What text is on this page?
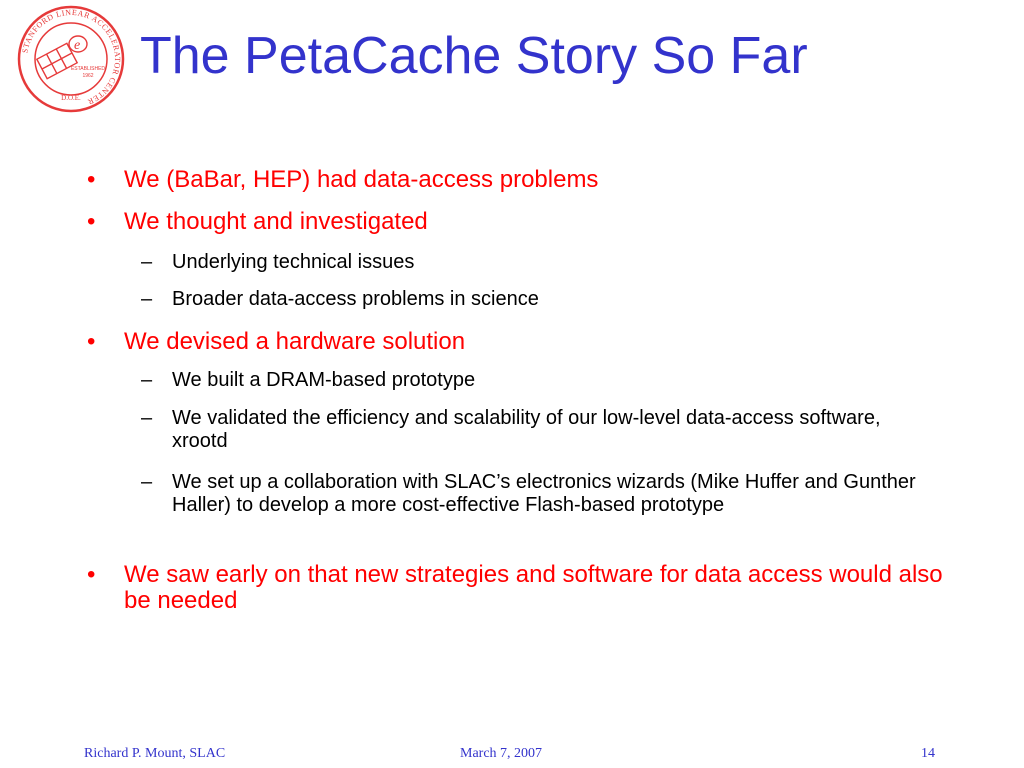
STANFORD LINEAR ACCELERATOR CENTER
e
ESTABLISHED
1962
D.O.E.
The PetaCache Story So Far
• We (BaBar, HEP) had data-access problems
• We thought and investigated
– Underlying technical issues
– Broader data-access problems in science
• We devised a hardware solution
– We built a DRAM-based prototype
– We validated the efficiency and scalability of our low-level data-access software, xrootd
– We set up a collaboration with SLAC’s electronics wizards (Mike Huffer and Gunther Haller) to develop a more cost-effective Flash-based prototype
• We saw early on that new strategies and software for data access would also be needed
Richard P. Mount, SLAC	March 7, 2007	14
